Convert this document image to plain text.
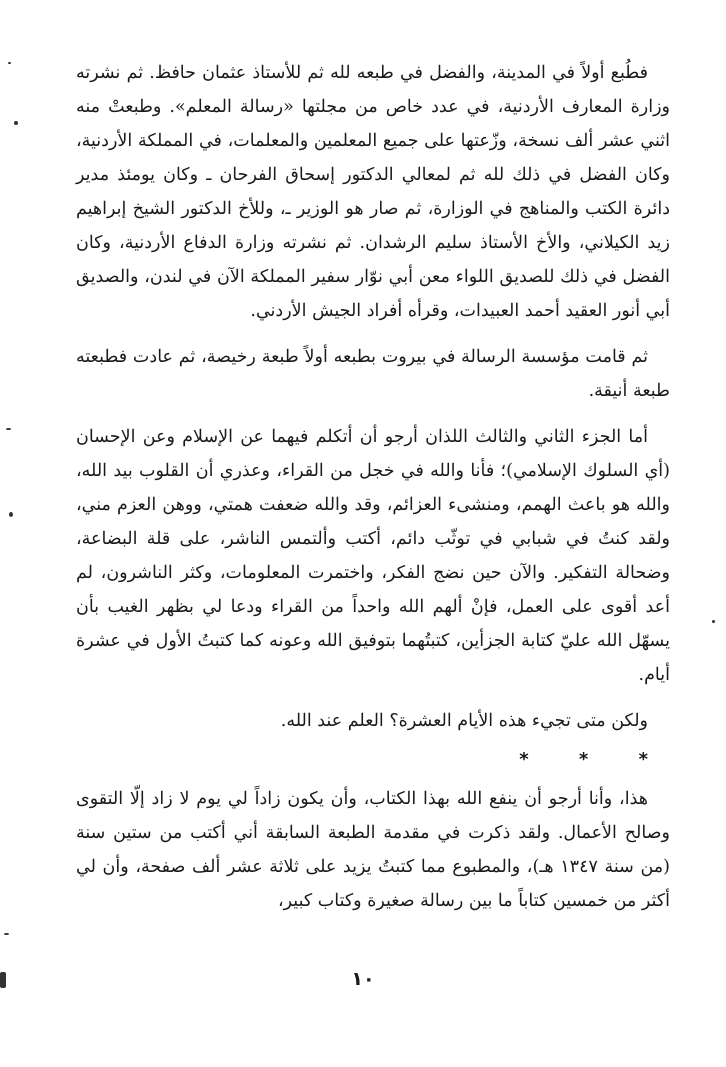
فطُبع أولاً في المدينة، والفضل في طبعه لله ثم للأستاذ عثمان حافظ. ثم نشرته وزارة المعارف الأردنية، في عدد خاص من مجلتها «رسالة المعلم». وطبعتْ منه اثني عشر ألف نسخة، وزّعتها على جميع المعلمين والمعلمات، في المملكة الأردنية، وكان الفضل في ذلك لله ثم لمعالي الدكتور إسحاق الفرحان ـ وكان يومئذ مدير دائرة الكتب والمناهج في الوزارة، ثم صار هو الوزير ـ، وللأخ الدكتور الشيخ إبراهيم زيد الكيلاني، والأخ الأستاذ سليم الرشدان. ثم نشرته وزارة الدفاع الأردنية، وكان الفضل في ذلك للصديق اللواء معن أبي نوّار سفير المملكة الآن في لندن، والصديق أبي أنور العقيد أحمد العبيدات، وقرأه أفراد الجيش الأردني.

ثم قامت مؤسسة الرسالة في بيروت بطبعه أولاً طبعة رخيصة، ثم عادت فطبعته طبعة أنيقة.

أما الجزء الثاني والثالث اللذان أرجو أن أتكلم فيهما عن الإسلام وعن الإحسان (أي السلوك الإسلامي)؛ فأنا والله في خجل من القراء، وعذري أن القلوب بيد الله، والله هو باعث الهمم، ومنشىء العزائم، وقد والله ضعفت همتي، ووهن العزم مني، ولقد كنتُ في شبابي في توثّب دائم، أكتب وألتمس الناشر، على قلة البضاعة، وضحالة التفكير. والآن حين نضج الفكر، واختمرت المعلومات، وكثر الناشرون، لم أعد أقوى على العمل، فإنْ ألهم الله واحداً من القراء ودعا لي بظهر الغيب بأن يسهّل الله عليّ كتابة الجزأين، كتبتُهما بتوفيق الله وعونه كما كتبتُ الأول في عشرة أيام.

ولكن متى تجيء هذه الأيام العشرة؟ العلم عند الله.

* * *

هذا، وأنا أرجو أن ينفع الله بهذا الكتاب، وأن يكون زاداً لي يوم لا زاد إلّا التقوى وصالح الأعمال. ولقد ذكرت في مقدمة الطبعة السابقة أني أكتب من ستين سنة (من سنة ١٣٤٧ هـ)، والمطبوع مما كتبتُ يزيد على ثلاثة عشر ألف صفحة، وأن لي أكثر من خمسين كتاباً ما بين رسالة صغيرة وكتاب كبير،

١٠
